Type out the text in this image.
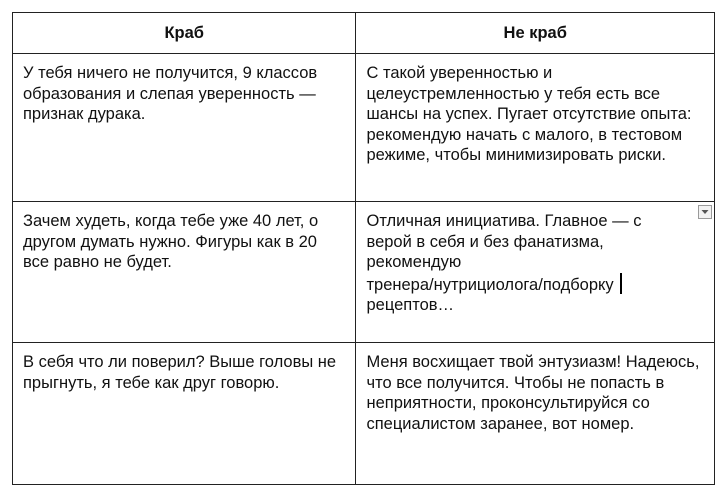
Краб	Не краб
У тебя ничего не получится, 9 классов образования и слепая уверенность — признак дурака.	С такой уверенностью и целеустремленностью у тебя есть все шансы на успех. Пугает отсутствие опыта: рекомендую начать с малого, в тестовом режиме, чтобы минимизировать риски.
Зачем худеть, когда тебе уже 40 лет, о другом думать нужно. Фигуры как в 20 все равно не будет.	Отличная инициатива. Главное — с
верой в себя и без фанатизма,
рекомендую
тренера/нутрициолога/подборку
рецептов…

В себя что ли поверил? Выше головы не прыгнуть, я тебе как друг говорю.	Меня восхищает твой энтузиазм! Надеюсь, что все получится. Чтобы не попасть в неприятности, проконсультируйся со специалистом заранее, вот номер.
